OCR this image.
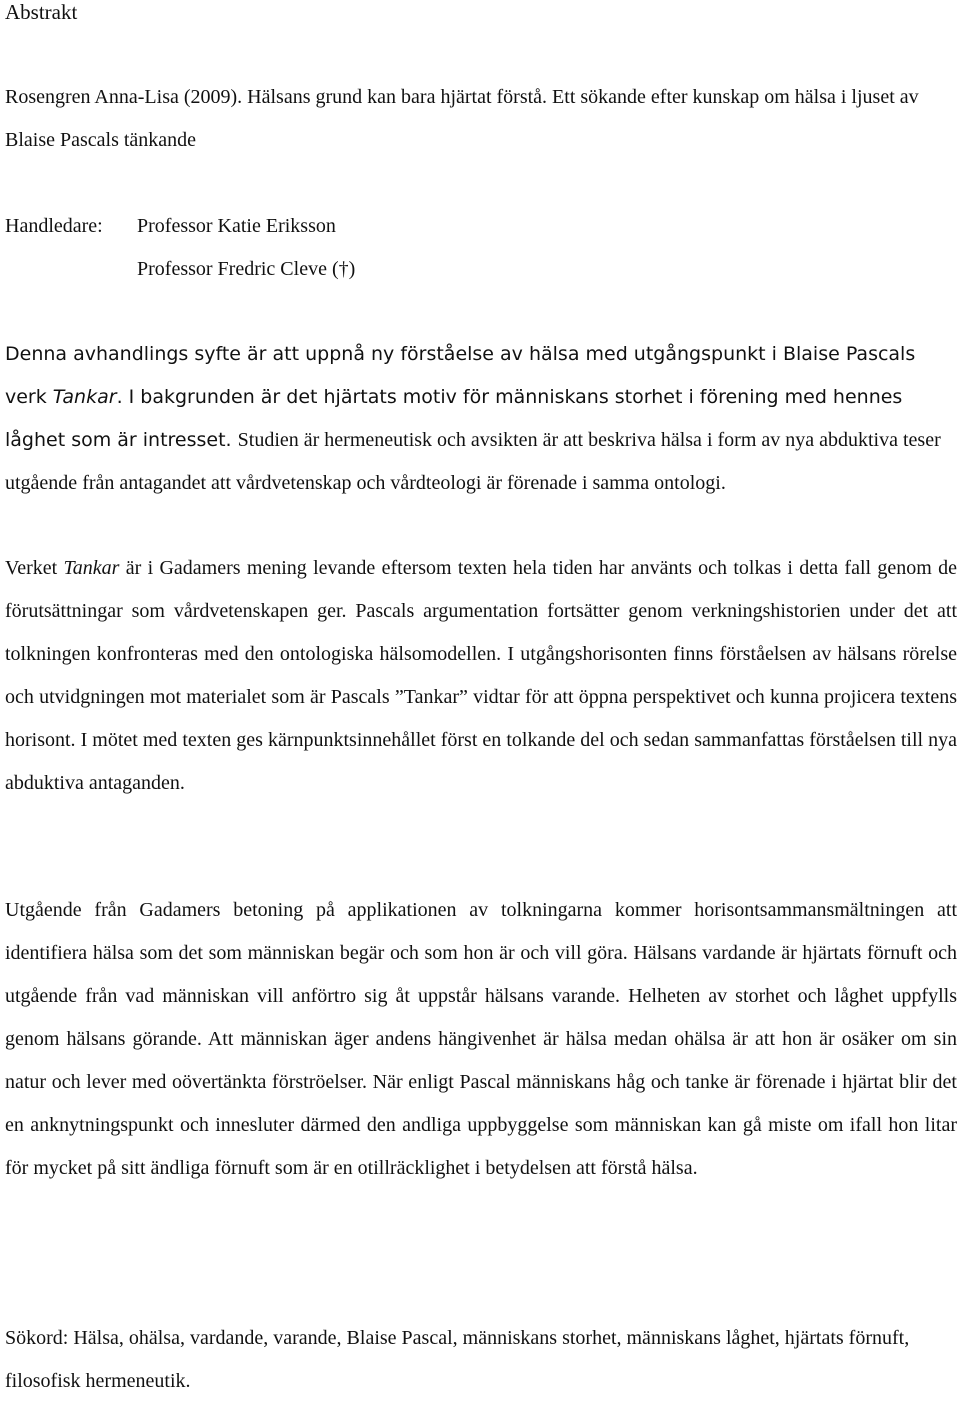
Abstrakt
Rosengren Anna-Lisa (2009). Hälsans grund kan bara hjärtat förstå. Ett sökande efter kunskap om hälsa i ljuset av Blaise Pascals tänkande
Handledare: Professor Katie Eriksson
Professor Fredric Cleve (†)
Denna avhandlings syfte är att uppnå ny förståelse av hälsa med utgångspunkt i Blaise Pascals verk Tankar. I bakgrunden är det hjärtats motiv för människans storhet i förening med hennes låghet som är intresset. Studien är hermeneutisk och avsikten är att beskriva hälsa i form av nya abduktiva teser utgående från antagandet att vårdvetenskap och vårdteologi är förenade i samma ontologi.
Verket Tankar är i Gadamers mening levande eftersom texten hela tiden har använts och tolkas i detta fall genom de förutsättningar som vårdvetenskapen ger. Pascals argumentation fortsätter genom verkningshistorien under det att tolkningen konfronteras med den ontologiska hälsomodellen. I utgångshorisonten finns förståelsen av hälsans rörelse och utvidgningen mot materialet som är Pascals ”Tankar” vidtar för att öppna perspektivet och kunna projicera textens horisont. I mötet med texten ges kärnpunktsinnehållet först en tolkande del och sedan sammanfattas förståelsen till nya abduktiva antaganden.
Utgående från Gadamers betoning på applikationen av tolkningarna kommer horisontsammansmältningen att identifiera hälsa som det som människan begär och som hon är och vill göra. Hälsans vardande är hjärtats förnuft och utgående från vad människan vill anförtro sig åt uppstår hälsans varande. Helheten av storhet och låghet uppfylls genom hälsans görande. Att människan äger andens hängivenhet är hälsa medan ohälsa är att hon är osäker om sin natur och lever med oövertänkta förströelser. När enligt Pascal människans håg och tanke är förenade i hjärtat blir det en anknytningspunkt och innesluter därmed den andliga uppbyggelse som människan kan gå miste om ifall hon litar för mycket på sitt ändliga förnuft som är en otillräcklighet i betydelsen att förstå hälsa.
Sökord: Hälsa, ohälsa, vardande, varande, Blaise Pascal, människans storhet, människans låghet, hjärtats förnuft, filosofisk hermeneutik.
